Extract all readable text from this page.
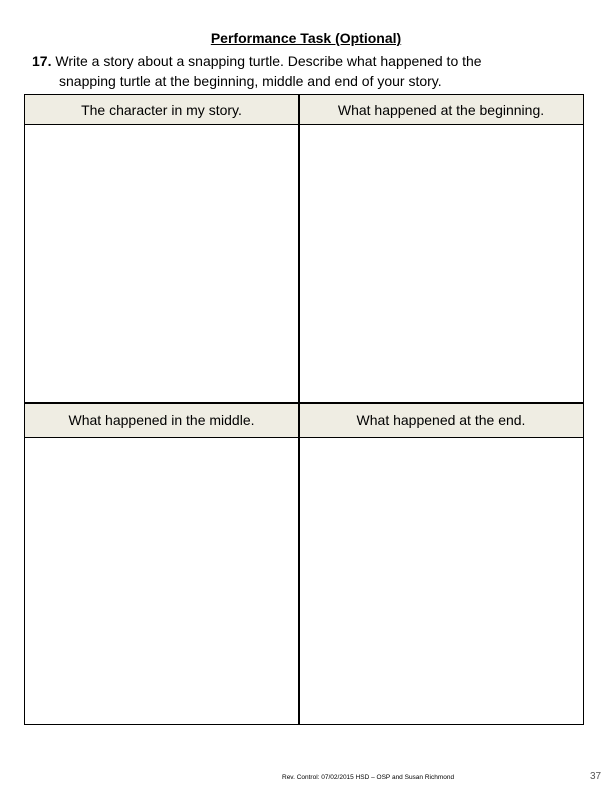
Performance Task (Optional)
17. Write a story about a snapping turtle. Describe what happened to the
snapping turtle at the beginning, middle and end of your story.
The character in my story.	What happened at the beginning.
What happened in the middle.	What happened at the end.
Rev. Control: 07/02/2015 HSD – OSP and Susan Richmond	37
